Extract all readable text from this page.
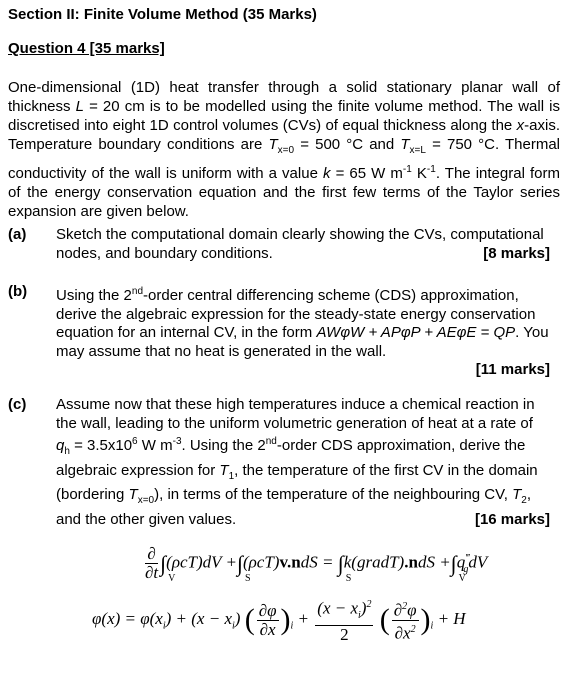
Section II: Finite Volume Method (35 Marks)
Question 4 [35 marks]
One-dimensional (1D) heat transfer through a solid stationary planar wall of thickness L = 20 cm is to be modelled using the finite volume method. The wall is discretised into eight 1D control volumes (CVs) of equal thickness along the x-axis. Temperature boundary conditions are $T_{x=0} = 500$ °C and $T_{x=L} = 750$ °C. Thermal conductivity of the wall is uniform with a value k = 65 W $m^{-1}$ $K^{-1}$. The integral form of the energy conservation equation and the first few terms of the Taylor series expansion are given below.
(a) Sketch the computational domain clearly showing the CVs, computational nodes, and boundary conditions.	[8 marks]
(b) Using the 2nd-order central differencing scheme (CDS) approximation, derive the algebraic expression for the steady-state energy conservation equation for an internal CV, in the form AWφW + APφP + AEφE = QP. You may assume that no heat is generated in the wall.
[11 marks]
(c) Assume now that these high temperatures induce a chemical reaction in the wall, leading to the uniform volumetric generation of heat at a rate of $q_h = 3.5x10^6$ W $m^{-3}$. Using the 2nd-order CDS approximation, derive the algebraic expression for $T_1$, the temperature of the first CV in the domain (bordering $T_{x=0}$), in terms of the temperature of the neighbouring CV, $T_2$, and the other given values.	[16 marks]
$\frac{\partial}{\partial t}$ ∫
V
(ρcT)dV +∫
S
(ρcT)v.ndS = ∫
S
k(gradT).ndS +∫
V
$q^‴_gdV$
$\varphi(x) = \varphi(x_i) + (x - x_i)$ ( $\frac{\partial\varphi}{\partial x} )_i + \frac{(x - x_i)^2}{2}$ ( $\frac{\partial^2\varphi}{\partial x^2} )_i + H$
